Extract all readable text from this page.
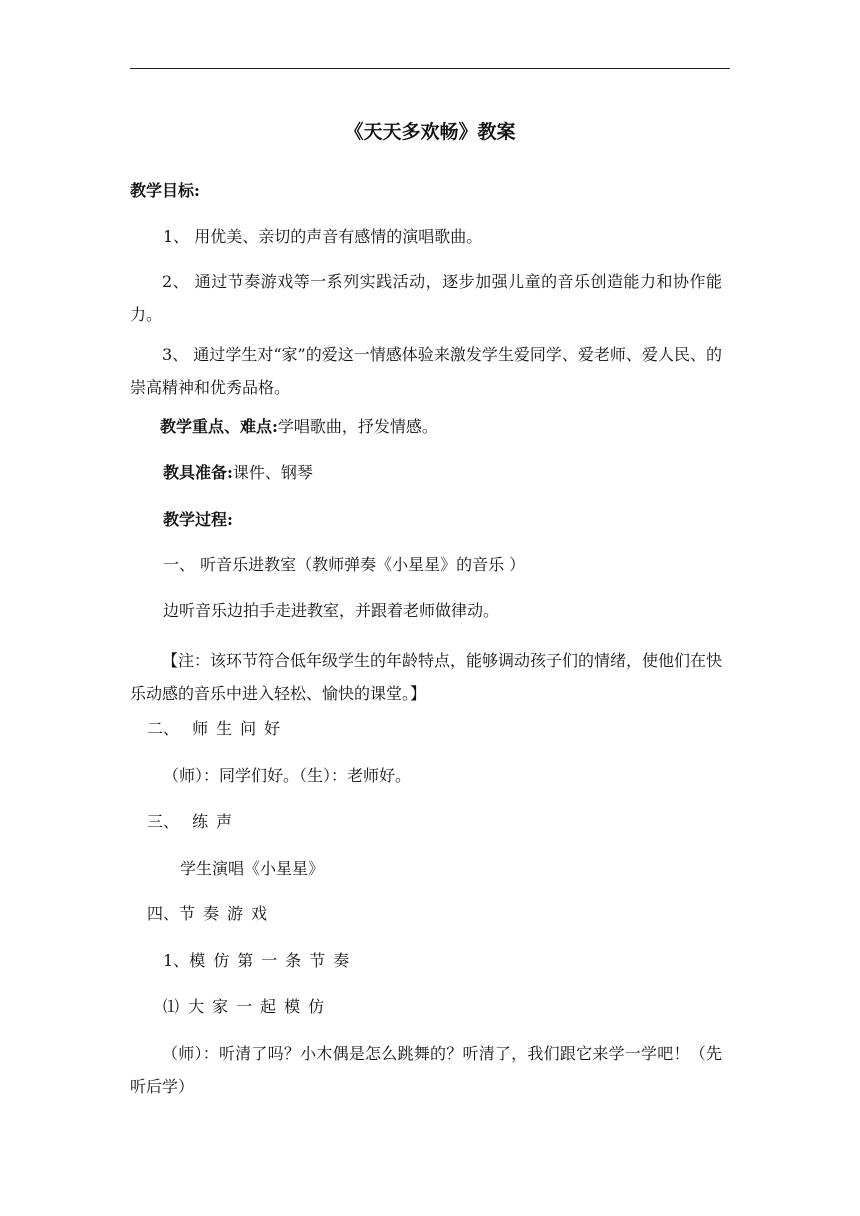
《天天多欢畅》教案
教学目标:
1、 用优美、亲切的声音有感情的演唱歌曲。
2、 通过节奏游戏等一系列实践活动，逐步加强儿童的音乐创造能力和协作能力。
3、 通过学生对“家”的爱这一情感体验来激发学生爱同学、爱老师、爱人民、的崇高精神和优秀品格。
教学重点、难点:学唱歌曲，抒发情感。
教具准备:课件、钢琴
教学过程:
一、 听音乐进教室（教师弹奏《小星星》的音乐 ）
边听音乐边拍手走进教室，并跟着老师做律动。
【注：该环节符合低年级学生的年龄特点，能够调动孩子们的情绪，使他们在快乐动感的音乐中进入轻松、愉快的课堂。】
二、 师生问好
（师）：同学们好。（生）：老师好。
三、 练声
学生演唱《小星星》
四、节奏游戏
1、模仿第一条节奏
⑴ 大家一起模仿
（师）：听清了吗？小木偶是怎么跳舞的？听清了，我们跟它来学一学吧！（先听后学）
